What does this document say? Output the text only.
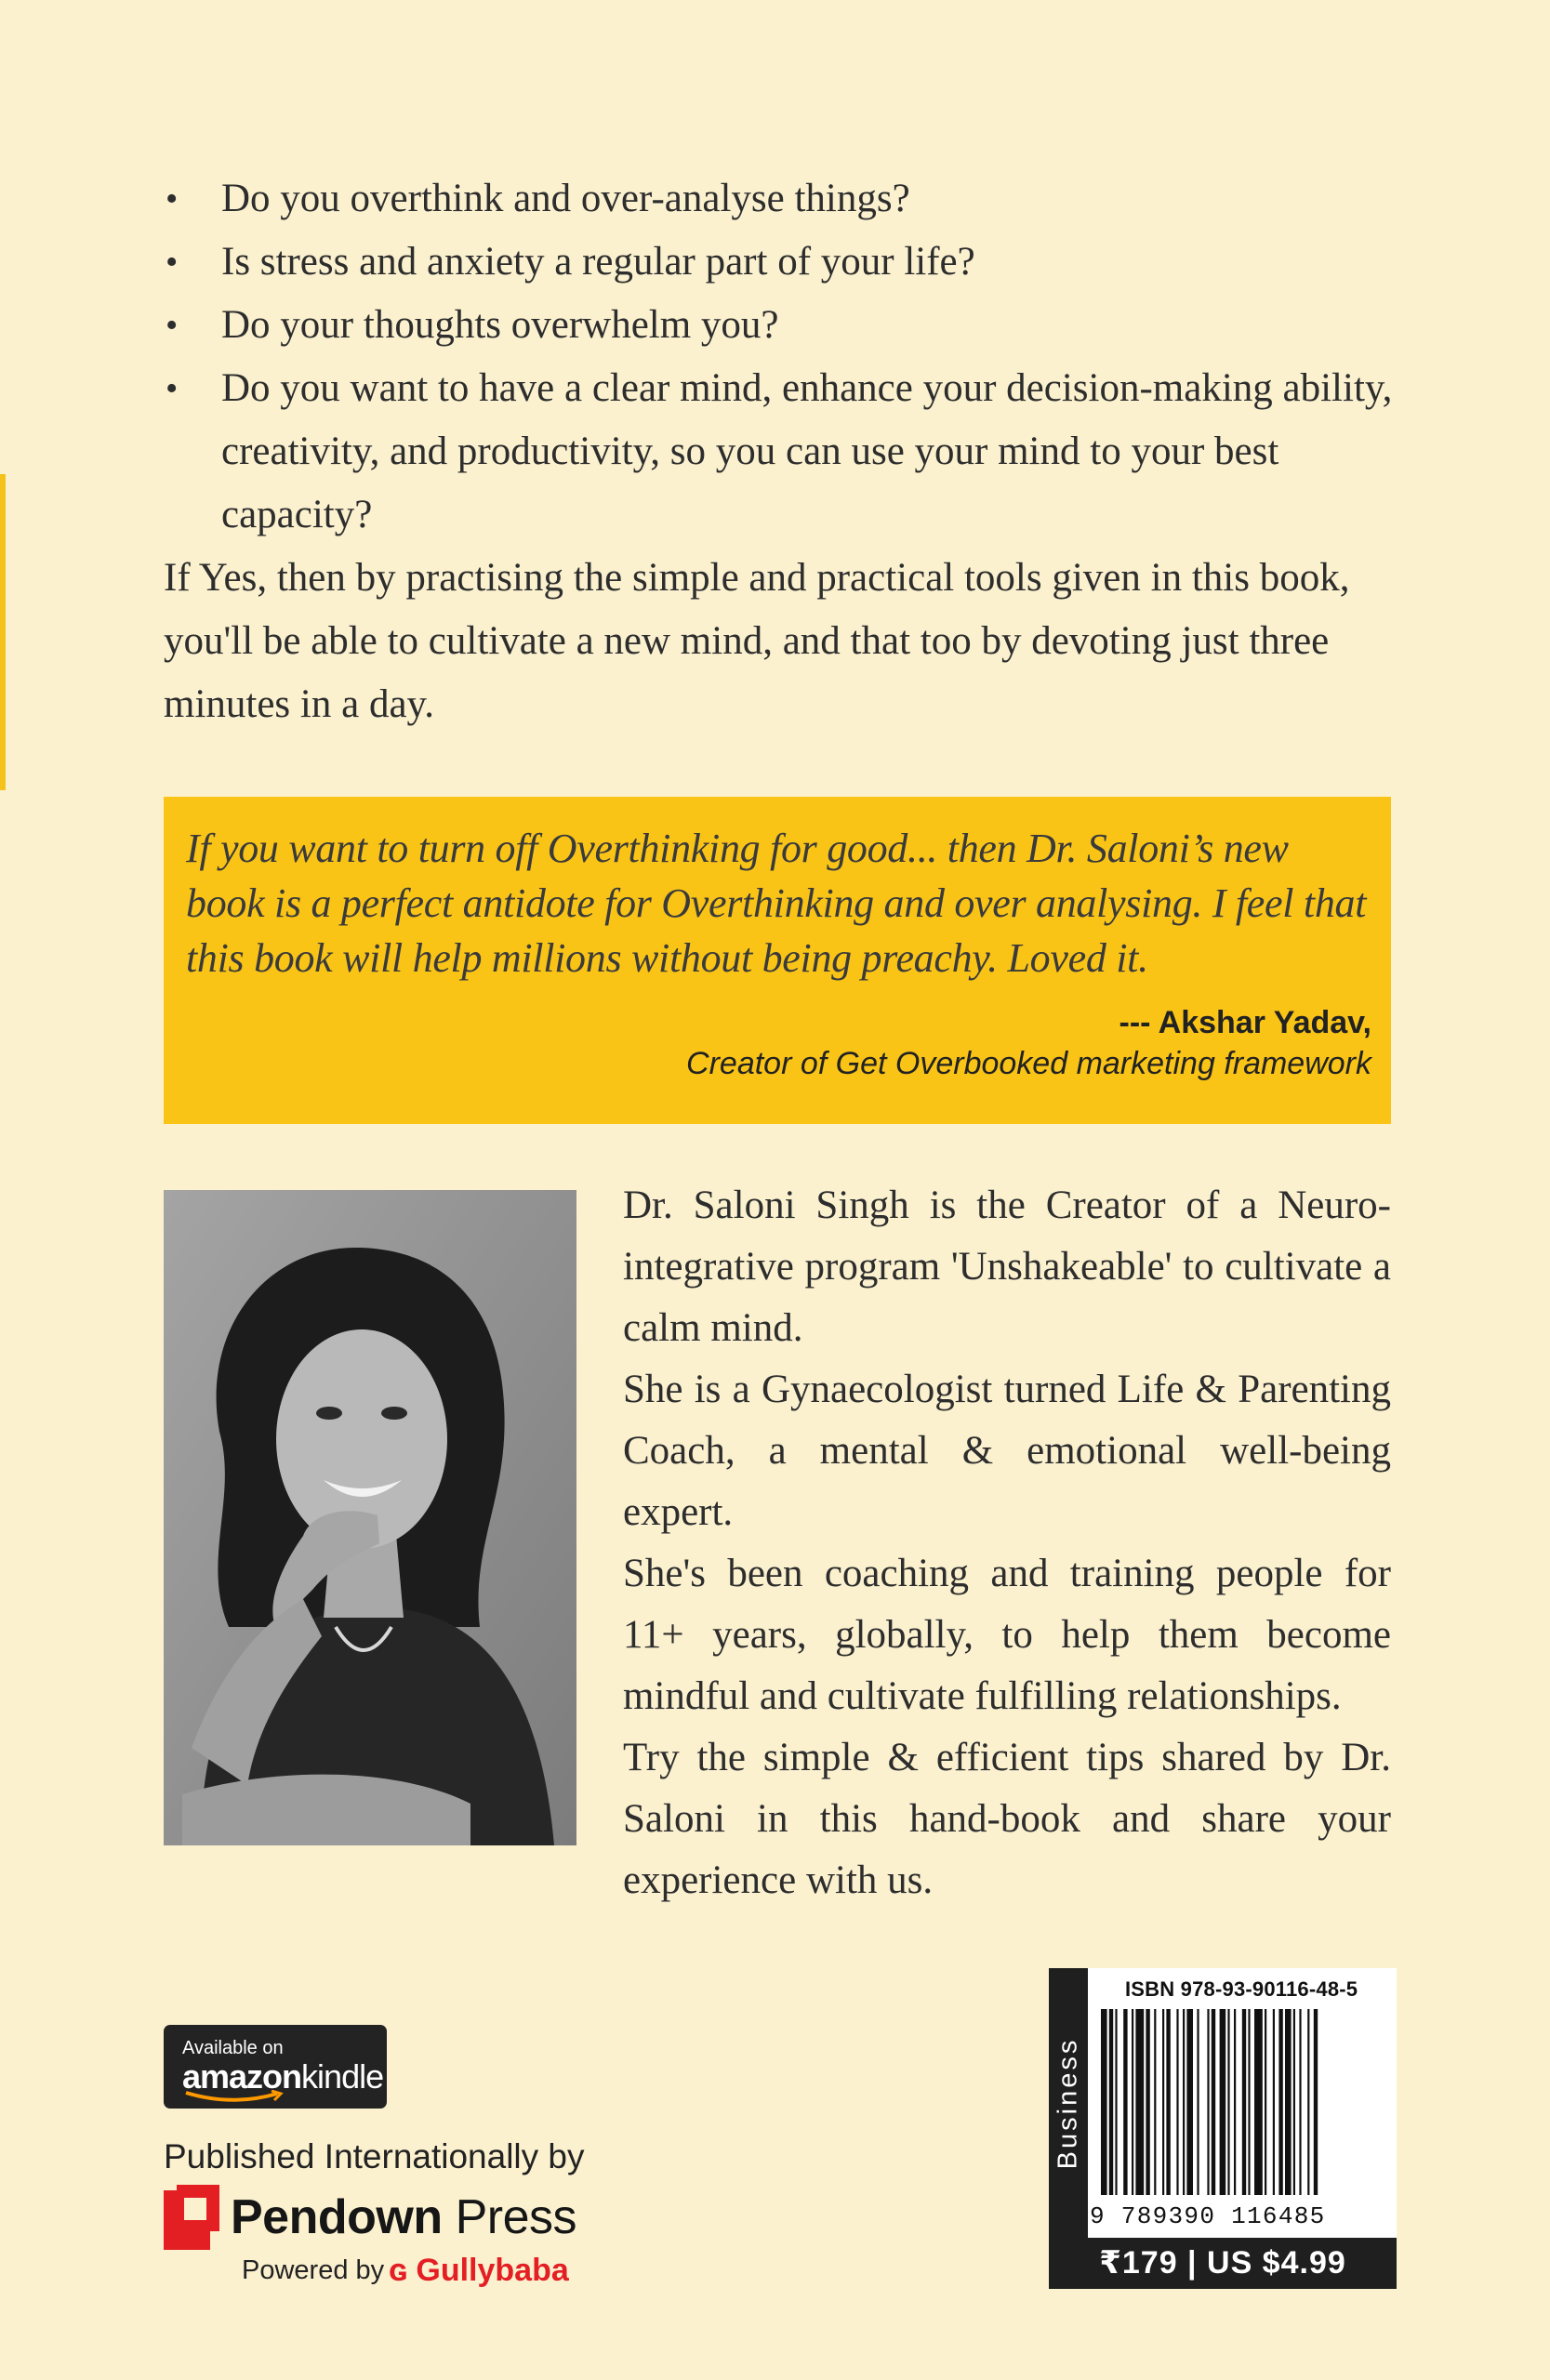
• Do you overthink and over-analyse things?
• Is stress and anxiety a regular part of your life?
• Do your thoughts overwhelm you?
• Do you want to have a clear mind, enhance your decision-making ability, creativity, and productivity, so you can use your mind to your best capacity?

If Yes, then by practising the simple and practical tools given in this book, you'll be able to cultivate a new mind, and that too by devoting just three minutes in a day.

If you want to turn off Overthinking for good... then Dr. Saloni’s new book is a perfect antidote for Overthinking and over analysing. I feel that this book will help millions without being preachy. Loved it.

--- Akshar Yadav,
Creator of Get Overbooked marketing framework

Dr. Saloni Singh is the Creator of a Neuro-integrative program 'Unshakeable' to cultivate a calm mind.

She is a Gynaecologist turned Life & Parenting Coach, a mental & emotional well-being expert.

She's been coaching and training people for 11+ years, globally, to help them become mindful and cultivate fulfilling relationships.

Try the simple & efficient tips shared by Dr. Saloni in this hand-book and share your experience with us.

Available on
amazonkindle
Published Internationally by
Pendown Press
Powered by ɢ Gullybaba
Business
ISBN 978-93-90116-48-5
9 789390 116485
₹179 | US $4.99
